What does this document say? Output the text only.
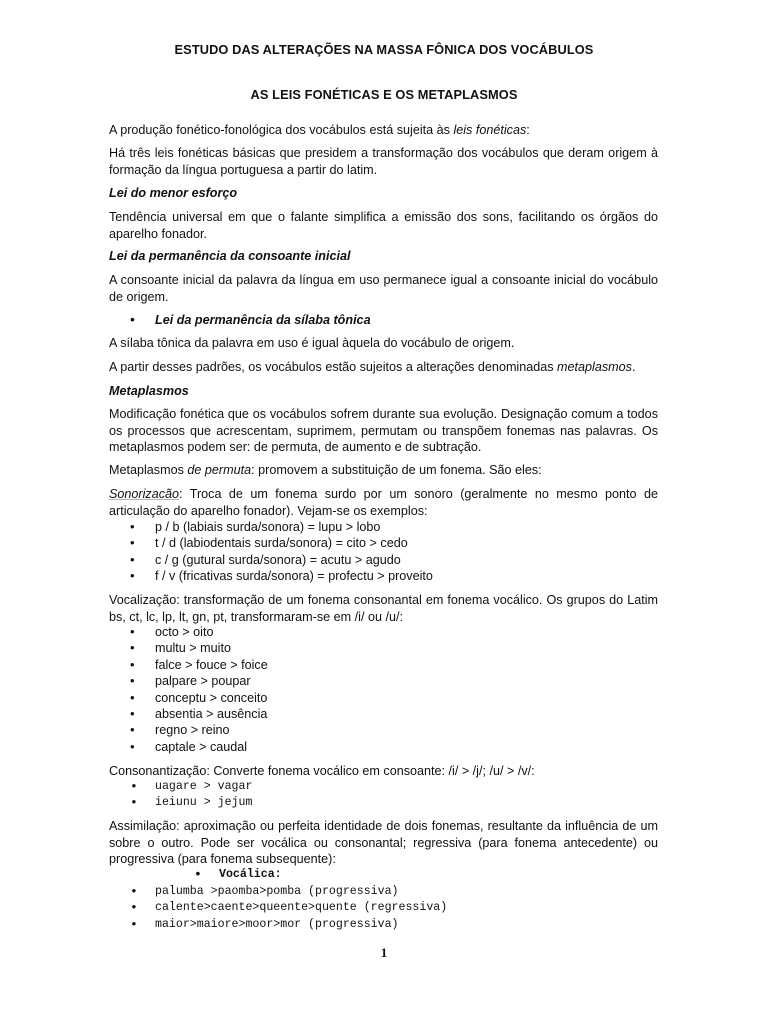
ESTUDO DAS ALTERAÇÕES NA MASSA FÔNICA DOS VOCÁBULOS
AS LEIS FONÉTICAS E OS METAPLASMOS
A produção fonético-fonológica dos vocábulos está sujeita às leis fonéticas:
Há três leis fonéticas básicas que presidem a transformação dos vocábulos que deram origem à formação da língua portuguesa a partir do latim.
Lei do menor esforço
Tendência universal em que o falante simplifica a emissão dos sons, facilitando os órgãos do aparelho fonador.
Lei da permanência da consoante inicial
A consoante inicial da palavra da língua em uso permanece igual a consoante inicial do vocábulo de origem.
• Lei da permanência da sílaba tônica
A sílaba tônica da palavra em uso é igual àquela do vocábulo de origem.
A partir desses padrões, os vocábulos estão sujeitos a alterações denominadas metaplasmos.
Metaplasmos
Modificação fonética que os vocábulos sofrem durante sua evolução. Designação comum a todos os processos que acrescentam, suprimem, permutam ou transpõem fonemas nas palavras. Os metaplasmos podem ser: de permuta, de aumento e de subtração.
Metaplasmos de permuta: promovem a substituição de um fonema. São eles:
Sonorizacão: Troca de um fonema surdo por um sonoro (geralmente no mesmo ponto de articulação do aparelho fonador). Vejam-se os exemplos:
• p / b (labiais surda/sonora) = lupu > lobo
• t / d (labiodentais surda/sonora) = cito > cedo
• c / g (gutural surda/sonora) = acutu > agudo
• f / v (fricativas surda/sonora) = profectu > proveito
Vocalização: transformação de um fonema consonantal em fonema vocálico. Os grupos do Latim bs, ct, lc, lp, lt, gn, pt, transformaram-se em /i/ ou /u/:
• octo > oito
• multu > muito
• falce > fouce > foice
• palpare > poupar
• conceptu > conceito
• absentia > ausência
• regno > reino
• captale > caudal
Consonantização: Converte fonema vocálico em consoante: /i/ > /j/; /u/ > /v/:
• uagare > vagar
• ieiunu > jejum
Assimilação: aproximação ou perfeita identidade de dois fonemas, resultante da influência de um sobre o outro. Pode ser vocálica ou consonantal; regressiva (para fonema antecedente) ou progressiva (para fonema subsequente):
• Vocálica:
• palumba >paomba>pomba (progressiva)
• calente>caente>queente>quente (regressiva)
• maior>maiore>moor>mor (progressiva)
1
